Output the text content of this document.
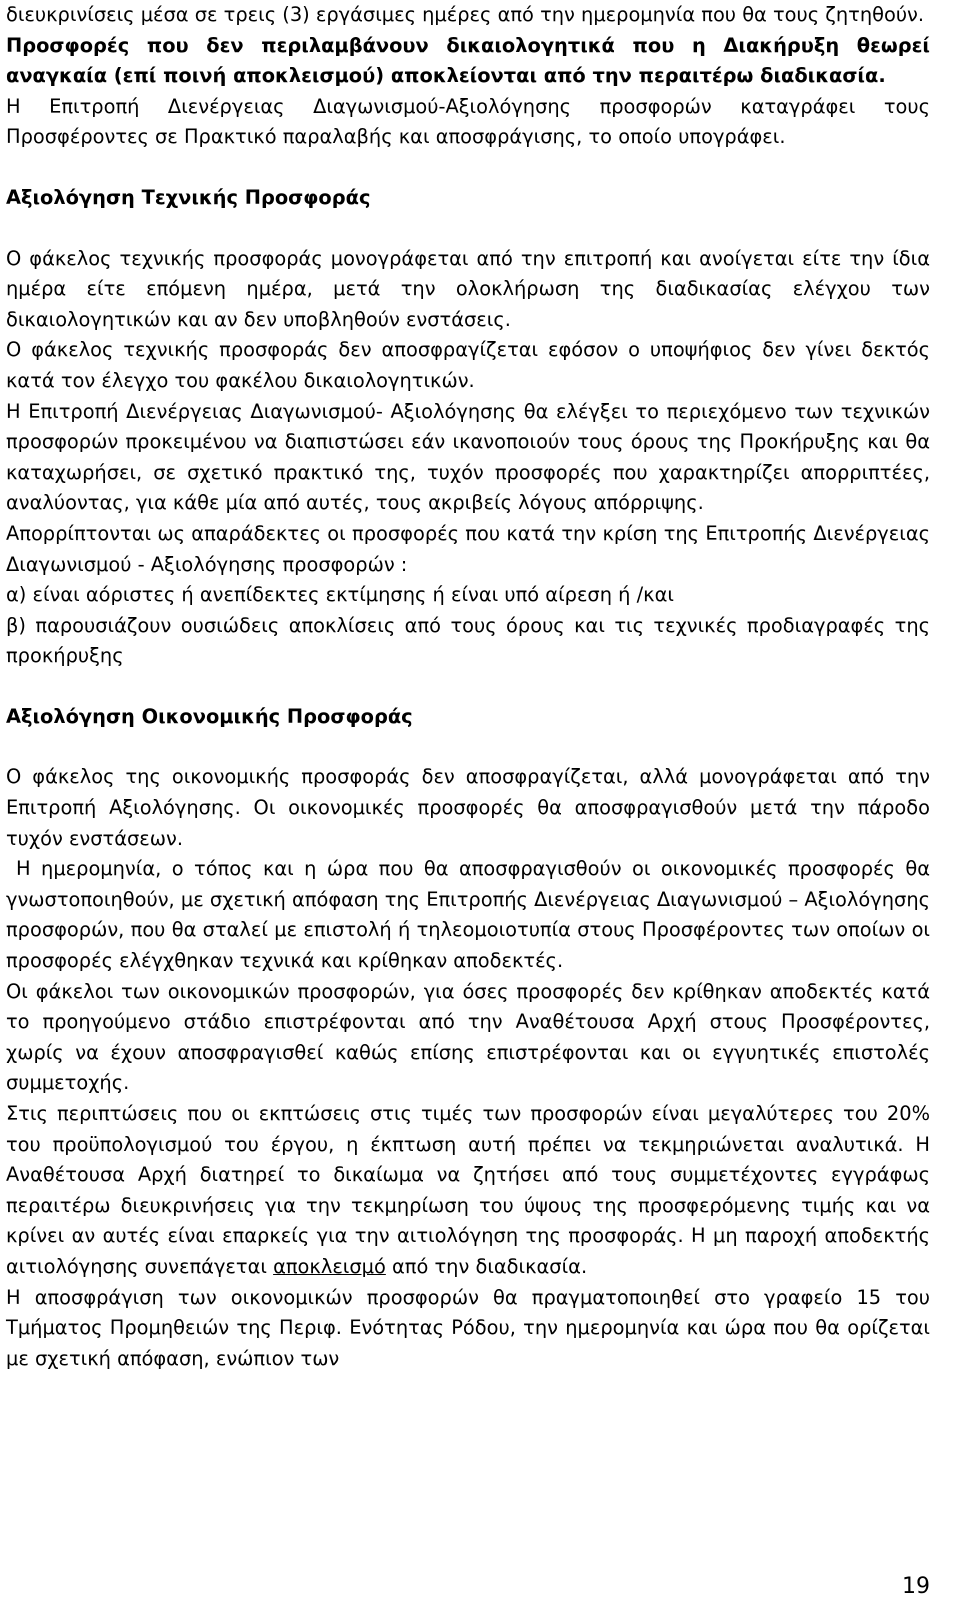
διευκρινίσεις μέσα σε τρεις (3) εργάσιμες ημέρες από την ημερομηνία που θα τους ζητηθούν.

Προσφορές που δεν περιλαμβάνουν δικαιολογητικά που η Διακήρυξη θεωρεί αναγκαία (επί ποινή αποκλεισμού) αποκλείονται από την περαιτέρω διαδικασία.

Η Επιτροπή Διενέργειας Διαγωνισμού-Αξιολόγησης προσφορών καταγράφει τους Προσφέροντες σε Πρακτικό παραλαβής και αποσφράγισης, το οποίο υπογράφει.

Αξιολόγηση Τεχνικής Προσφοράς

Ο φάκελος τεχνικής προσφοράς μονογράφεται από την επιτροπή και ανοίγεται είτε την ίδια ημέρα είτε επόμενη ημέρα, μετά την ολοκλήρωση της διαδικασίας ελέγχου των δικαιολογητικών και αν δεν υποβληθούν ενστάσεις.

Ο φάκελος τεχνικής προσφοράς δεν αποσφραγίζεται εφόσον ο υποψήφιος δεν γίνει δεκτός κατά τον έλεγχο του φακέλου δικαιολογητικών.

Η Επιτροπή Διενέργειας Διαγωνισμού- Αξιολόγησης θα ελέγξει το περιεχόμενο των τεχνικών προσφορών προκειμένου να διαπιστώσει εάν ικανοποιούν τους όρους της Προκήρυξης και θα καταχωρήσει, σε σχετικό πρακτικό της, τυχόν προσφορές που χαρακτηρίζει απορριπτέες, αναλύοντας, για κάθε μία από αυτές, τους ακριβείς λόγους απόρριψης.

Απορρίπτονται ως απαράδεκτες οι προσφορές που κατά την κρίση της Επιτροπής Διενέργειας Διαγωνισμού - Αξιολόγησης προσφορών :

α) είναι αόριστες ή ανεπίδεκτες εκτίμησης ή είναι υπό αίρεση ή /και

β) παρουσιάζουν ουσιώδεις αποκλίσεις από τους όρους και τις τεχνικές προδιαγραφές της προκήρυξης

Αξιολόγηση Οικονομικής Προσφοράς

Ο φάκελος της οικονομικής προσφοράς δεν αποσφραγίζεται, αλλά μονογράφεται από την Επιτροπή Αξιολόγησης. Οι οικονομικές προσφορές θα αποσφραγισθούν μετά την πάροδο τυχόν ενστάσεων.

Η ημερομηνία, ο τόπος και η ώρα που θα αποσφραγισθούν οι οικονομικές προσφορές θα γνωστοποιηθούν, με σχετική απόφαση της Επιτροπής Διενέργειας Διαγωνισμού – Αξιολόγησης προσφορών, που θα σταλεί με επιστολή ή τηλεομοιοτυπία στους Προσφέροντες των οποίων οι προσφορές ελέγχθηκαν τεχνικά και κρίθηκαν αποδεκτές.

Οι φάκελοι των οικονομικών προσφορών, για όσες προσφορές δεν κρίθηκαν αποδεκτές κατά το προηγούμενο στάδιο επιστρέφονται από την Αναθέτουσα Αρχή στους Προσφέροντες, χωρίς να έχουν αποσφραγισθεί καθώς επίσης επιστρέφονται και οι εγγυητικές επιστολές συμμετοχής.

Στις περιπτώσεις που οι εκπτώσεις στις τιμές των προσφορών είναι μεγαλύτερες του 20% του προϋπολογισμού του έργου, η έκπτωση αυτή πρέπει να τεκμηριώνεται αναλυτικά. Η Αναθέτουσα Αρχή διατηρεί το δικαίωμα να ζητήσει από τους συμμετέχοντες εγγράφως περαιτέρω διευκρινήσεις για την τεκμηρίωση του ύψους της προσφερόμενης τιμής και να κρίνει αν αυτές είναι επαρκείς για την αιτιολόγηση της προσφοράς. Η μη παροχή αποδεκτής αιτιολόγησης συνεπάγεται αποκλεισμό από την διαδικασία.

Η αποσφράγιση των οικονομικών προσφορών θα πραγματοποιηθεί στο γραφείο 15 του Τμήματος Προμηθειών της Περιφ. Ενότητας Ρόδου, την ημερομηνία και ώρα που θα ορίζεται με σχετική απόφαση, ενώπιον των

19
